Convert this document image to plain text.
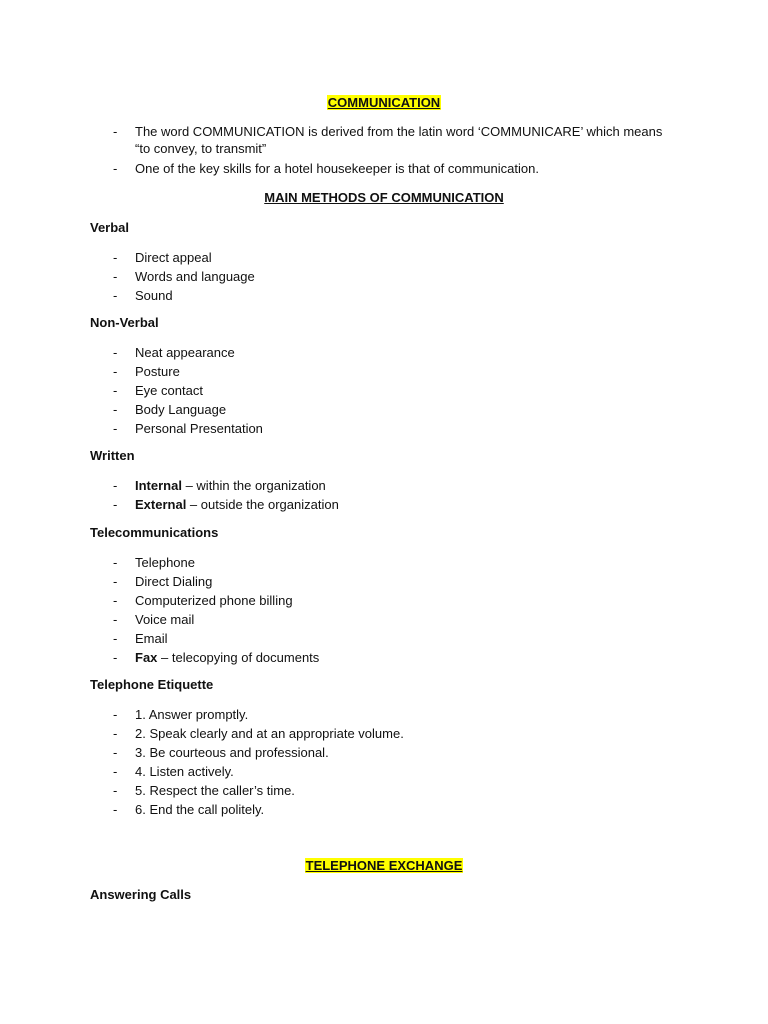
COMMUNICATION
- The word COMMUNICATION is derived from the latin word ‘COMMUNICARE’ which means “to convey, to transmit”
- One of the key skills for a hotel housekeeper is that of communication.
MAIN METHODS OF COMMUNICATION
Verbal
- Direct appeal
- Words and language
- Sound
Non-Verbal
- Neat appearance
- Posture
- Eye contact
- Body Language
- Personal Presentation
Written
- Internal – within the organization
- External – outside the organization
Telecommunications
- Telephone
- Direct Dialing
- Computerized phone billing
- Voice mail
- Email
- Fax – telecopying of documents
Telephone Etiquette
- 1. Answer promptly.
- 2. Speak clearly and at an appropriate volume.
- 3. Be courteous and professional.
- 4. Listen actively.
- 5. Respect the caller’s time.
- 6. End the call politely.
TELEPHONE EXCHANGE
Answering Calls
